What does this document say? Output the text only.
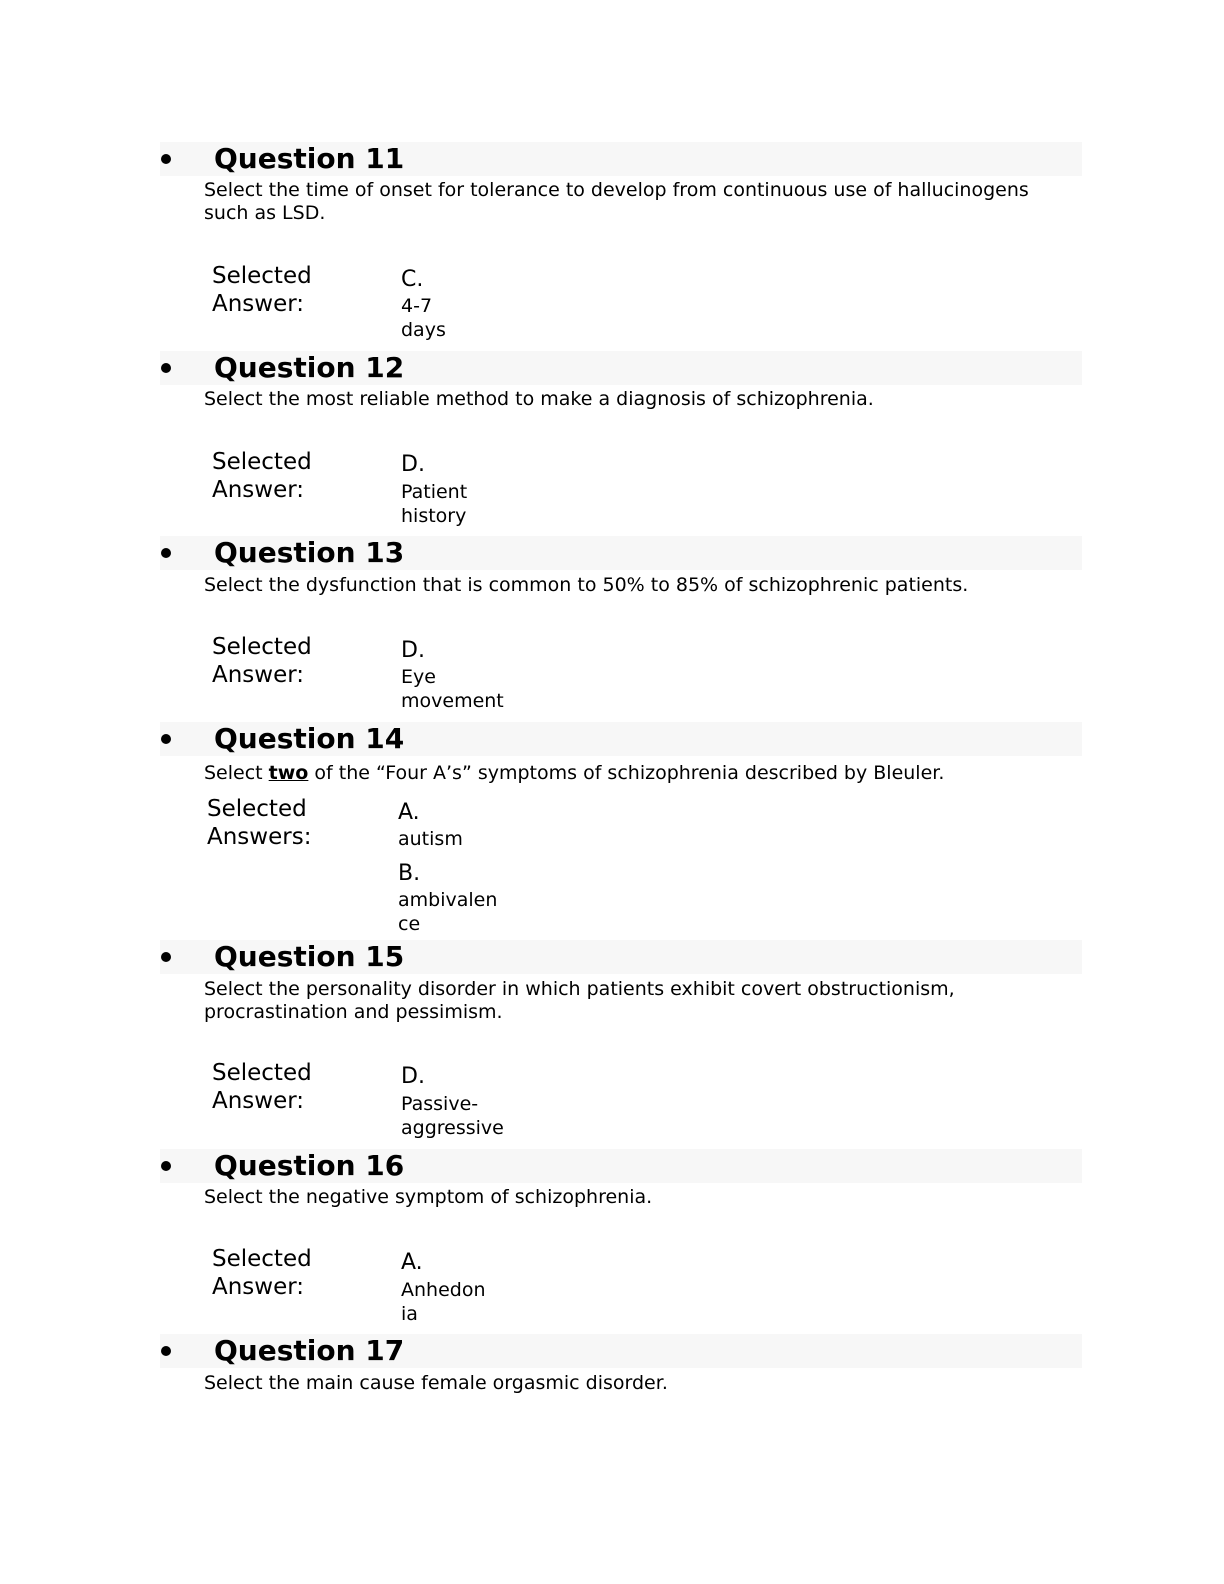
Question 11
Select the time of onset for tolerance to develop from continuous use of hallucinogens such as LSD.
Selected
Answer:
C.
4-7
days
Question 12
Select the most reliable method to make a diagnosis of schizophrenia.
Selected
Answer:
D.
Patient
history
Question 13
Select the dysfunction that is common to 50% to 85% of schizophrenic patients.
Selected
Answer:
D.
Eye
movement
Question 14
Select two of the “Four A’s” symptoms of schizophrenia described by Bleuler.
Selected
Answers:
A.
autism
B.
ambivalen
ce
Question 15
Select the personality disorder in which patients exhibit covert obstructionism, procrastination and pessimism.
Selected
Answer:
D.
Passive-
aggressive
Question 16
Select the negative symptom of schizophrenia.
Selected
Answer:
A.
Anhedon
ia
Question 17
Select the main cause female orgasmic disorder.
